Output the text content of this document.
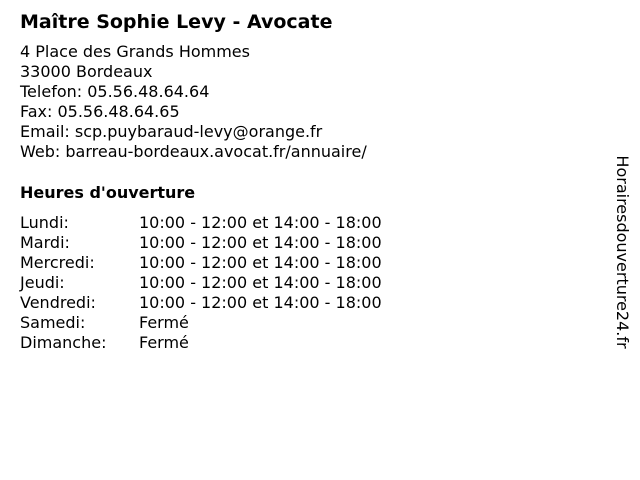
Maître Sophie Levy - Avocate
4 Place des Grands Hommes
33000 Bordeaux
Telefon: 05.56.48.64.64
Fax: 05.56.48.64.65
Email: scp.puybaraud-levy@orange.fr
Web: barreau-bordeaux.avocat.fr/annuaire/
Heures d'ouverture
Lundi:	10:00 - 12:00 et 14:00 - 18:00
Mardi:	10:00 - 12:00 et 14:00 - 18:00
Mercredi:	10:00 - 12:00 et 14:00 - 18:00
Jeudi:	10:00 - 12:00 et 14:00 - 18:00
Vendredi:	10:00 - 12:00 et 14:00 - 18:00
Samedi:	Fermé
Dimanche:	Fermé	Horairesdouverture24.fr
